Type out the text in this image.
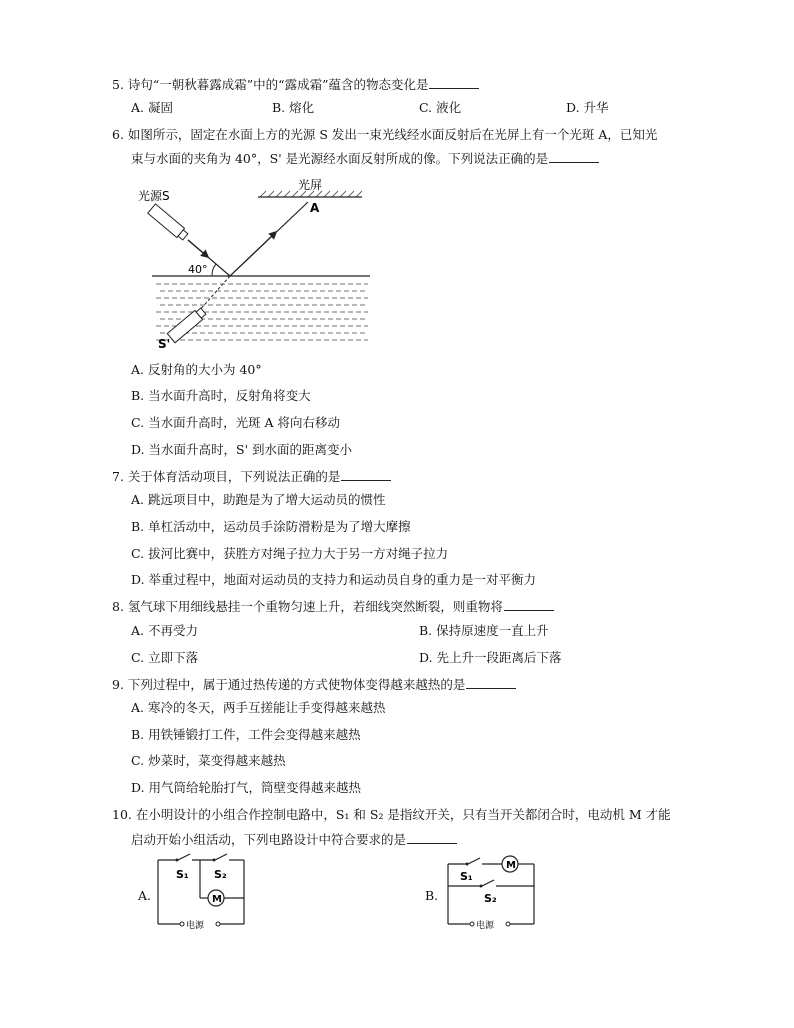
5. 诗句“一朝秋暮露成霜”中的“露成霜”蕴含的物态变化是
A. 凝固	B. 熔化	C. 液化	D. 升华
6. 如图所示，固定在水面上方的光源 S 发出一束光线经水面反射后在光屏上有一个光斑 A，已知光
束与水面的夹角为 40°，S' 是光源经水面反射所成的像。下列说法正确的是
光源S
光屏
A
40°
S'
A. 反射角的大小为 40°
B. 当水面升高时，反射角将变大
C. 当水面升高时，光斑 A 将向右移动
D. 当水面升高时，S' 到水面的距离变小
7. 关于体育活动项目，下列说法正确的是
A. 跳远项目中，助跑是为了增大运动员的惯性
B. 单杠活动中，运动员手涂防滑粉是为了增大摩擦
C. 拔河比赛中，获胜方对绳子拉力大于另一方对绳子拉力
D. 举重过程中，地面对运动员的支持力和运动员自身的重力是一对平衡力
8. 氢气球下用细线悬挂一个重物匀速上升，若细线突然断裂，则重物将
A. 不再受力	B. 保持原速度一直上升
C. 立即下落	D. 先上升一段距离后下落
9. 下列过程中，属于通过热传递的方式使物体变得越来越热的是
A. 寒冷的冬天，两手互搓能让手变得越来越热
B. 用铁锤锻打工件，工件会变得越来越热
C. 炒菜时，菜变得越来越热
D. 用气筒给轮胎打气，筒壁变得越来越热
10. 在小明设计的小组合作控制电路中，S₁ 和 S₂ 是指纹开关，只有当开关都闭合时，电动机 M 才能
启动开始小组活动，下列电路设计中符合要求的是
A.	M
电源
S₁ S₂
B.
M
电源
S₁
S₂
